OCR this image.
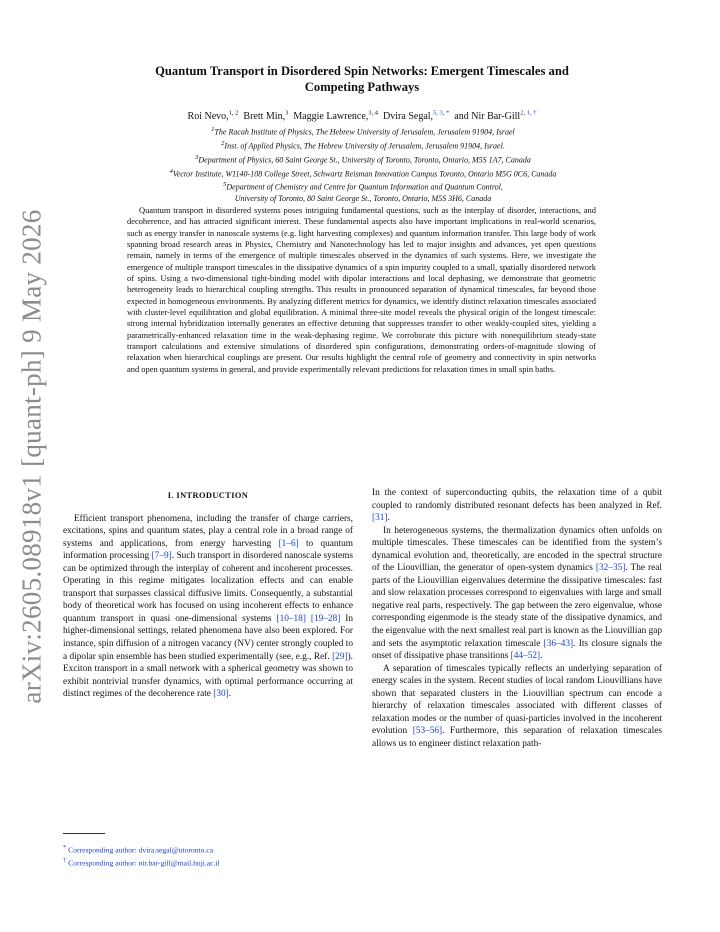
arXiv:2605.08918v1 [quant-ph] 9 May 2026
Quantum Transport in Disordered Spin Networks: Emergent Timescales and
Competing Pathways
Roi Nevo,$^{1, 2}$ Brett Min,$^3$ Maggie Lawrence,$^{3, 4}$ Dvira Segal,$^{5, 3, *}$ and Nir Bar-Gill$^{2, 1, \dagger}$
$^1$The Racah Institute of Physics, The Hebrew University of Jerusalem, Jerusalem 91904, Israel
$^2$Inst. of Applied Physics, The Hebrew University of Jerusalem, Jerusalem 91904, Israel.
$^3$Department of Physics, 60 Saint George St., University of Toronto, Toronto, Ontario, M5S 1A7, Canada
$^4$Vector Institute, W1140-108 College Street, Schwartz Reisman Innovation Campus Toronto, Ontario M5G 0C6, Canada
$^5$Department of Chemistry and Centre for Quantum Information and Quantum Control,
University of Toronto, 80 Saint George St., Toronto, Ontario, M5S 3H6, Canada
Quantum transport in disordered systems poses intriguing fundamental questions, such as the interplay of disorder, interactions, and decoherence, and has attracted significant interest. These fundamental aspects also have important implications in real-world scenarios, such as energy transfer in nanoscale systems (e.g. light harvesting complexes) and quantum information transfer. This large body of work spanning broad research areas in Physics, Chemistry and Nanotechnology has led to major insights and advances, yet open questions remain, namely in terms of the emergence of multiple timescales observed in the dynamics of such systems. Here, we investigate the emergence of multiple transport timescales in the dissipative dynamics of a spin impurity coupled to a small, spatially disordered network of spins. Using a two-dimensional tight-binding model with dipolar interactions and local dephasing, we demonstrate that geometric heterogeneity leads to hierarchical coupling strengths. This results in pronounced separation of dynamical timescales, far beyond those expected in homogeneous environments. By analyzing different metrics for dynamics, we identify distinct relaxation timescales associated with cluster-level equilibration and global equilibration. A minimal three-site model reveals the physical origin of the longest timescale: strong internal hybridization internally generates an effective detuning that suppresses transfer to other weakly-coupled sites, yielding a parametrically-enhanced relaxation time in the weak-dephasing regime. We corroborate this picture with nonequilibrium steady-state transport calculations and extensive simulations of disordered spin configurations, demonstrating orders-of-magnitude slowing of relaxation when hierarchical couplings are present. Our results highlight the central role of geometry and connectivity in spin networks and open quantum systems in general, and provide experimentally relevant predictions for relaxation times in small spin baths.
I. INTRODUCTION

Efficient transport phenomena, including the transfer of charge carriers, excitations, spins and quantum states, play a central role in a broad range of systems and applications, from energy harvesting [1–6] to quantum information processing [7–9]. Such transport in disordered nanoscale systems can be optimized through the interplay of coherent and incoherent processes. Operating in this regime mitigates localization effects and can enable transport that surpasses classical diffusive limits. Consequently, a substantial body of theoretical work has focused on using incoherent effects to enhance quantum transport in quasi one-dimensional systems [10–18] [19–28] In higher-dimensional settings, related phenomena have also been explored. For instance, spin diffusion of a nitrogen vacancy (NV) center strongly coupled to a dipolar spin ensemble has been studied experimentally (see, e.g., Ref. [29]). Exciton transport in a small network with a spherical geometry was shown to exhibit nontrivial transfer dynamics, with optimal performance occurring at distinct regimes of the decoherence rate [30].

In the context of superconducting qubits, the relaxation time of a qubit coupled to randomly distributed resonant defects has been analyzed in Ref. [31].

In heterogeneous systems, the thermalization dynamics often unfolds on multiple timescales. These timescales can be identified from the system’s dynamical evolution and, theoretically, are encoded in the spectral structure of the Liouvillian, the generator of open-system dynamics [32–35]. The real parts of the Liouvillian eigenvalues determine the dissipative timescales: fast and slow relaxation processes correspond to eigenvalues with large and small negative real parts, respectively. The gap between the zero eigenvalue, whose corresponding eigenmode is the steady state of the dissipative dynamics, and the eigenvalue with the next smallest real part is known as the Liouvillian gap and sets the asymptotic relaxation timescale [36–43]. Its closure signals the onset of dissipative phase transitions [44–52].

A separation of timescales typically reflects an underlying separation of energy scales in the system. Recent studies of local random Liouvillians have shown that separated clusters in the Liouvillian spectrum can encode a hierarchy of relaxation timescales associated with different classes of relaxation modes or the number of quasi-particles involved in the incoherent evolution [53–56]. Furthermore, this separation of relaxation timescales allows us to engineer distinct relaxation path-

* Corresponding author: dvira.segal@utoronto.ca
† Corresponding author: nir.bar-gill@mail.huji.ac.il
